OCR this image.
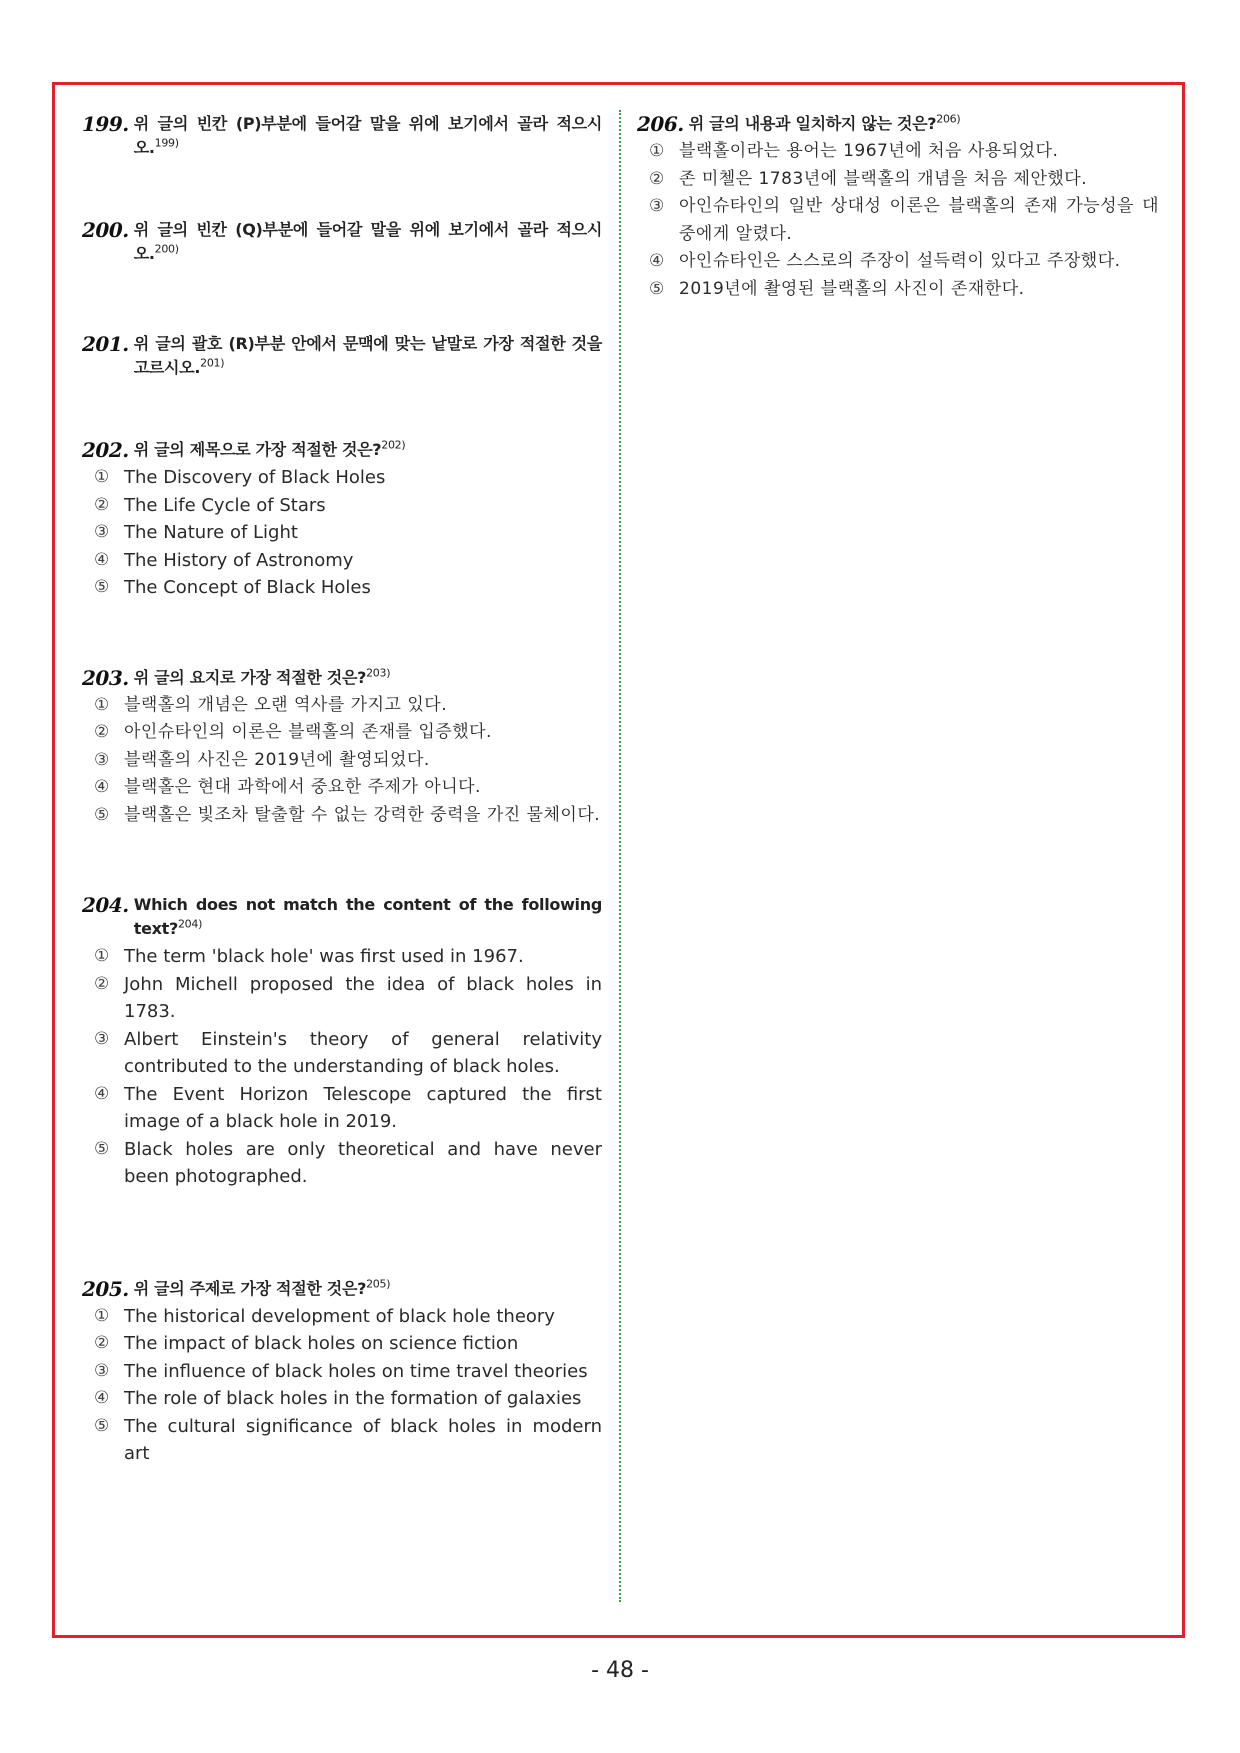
199. 위 글의 빈칸 (P)부분에 들어갈 말을 위에 보기에서 골라 적으시오.$^{199)}$
200. 위 글의 빈칸 (Q)부분에 들어갈 말을 위에 보기에서 골라 적으시오.$^{200)}$
201. 위 글의 괄호 (R)부분 안에서 문맥에 맞는 낱말로 가장 적절한 것을 고르시오.$^{201)}$
202. 위 글의 제목으로 가장 적절한 것은?$^{202)}$
① The Discovery of Black Holes
② The Life Cycle of Stars
③ The Nature of Light
④ The History of Astronomy
⑤ The Concept of Black Holes
203. 위 글의 요지로 가장 적절한 것은?$^{203)}$
① 블랙홀의 개념은 오랜 역사를 가지고 있다.
② 아인슈타인의 이론은 블랙홀의 존재를 입증했다.
③ 블랙홀의 사진은 2019년에 촬영되었다.
④ 블랙홀은 현대 과학에서 중요한 주제가 아니다.
⑤ 블랙홀은 빛조차 탈출할 수 없는 강력한 중력을 가진 물체이다.
204. Which does not match the content of the following text?$^{204)}$
① The term 'black hole' was first used in 1967.
② John Michell proposed the idea of black holes in 1783.
③ Albert Einstein's theory of general relativity contributed to the understanding of black holes.
④ The Event Horizon Telescope captured the first image of a black hole in 2019.
⑤ Black holes are only theoretical and have never been photographed.
205. 위 글의 주제로 가장 적절한 것은?$^{205)}$
① The historical development of black hole theory
② The impact of black holes on science fiction
③ The influence of black holes on time travel theories
④ The role of black holes in the formation of galaxies
⑤ The cultural significance of black holes in modern art
206. 위 글의 내용과 일치하지 않는 것은?$^{206)}$
① 블랙홀이라는 용어는 1967년에 처음 사용되었다.
② 존 미첼은 1783년에 블랙홀의 개념을 처음 제안했다.
③ 아인슈타인의 일반 상대성 이론은 블랙홀의 존재 가능성을 대중에게 알렸다.
④ 아인슈타인은 스스로의 주장이 설득력이 있다고 주장했다.
⑤ 2019년에 촬영된 블랙홀의 사진이 존재한다.
- 48 -
